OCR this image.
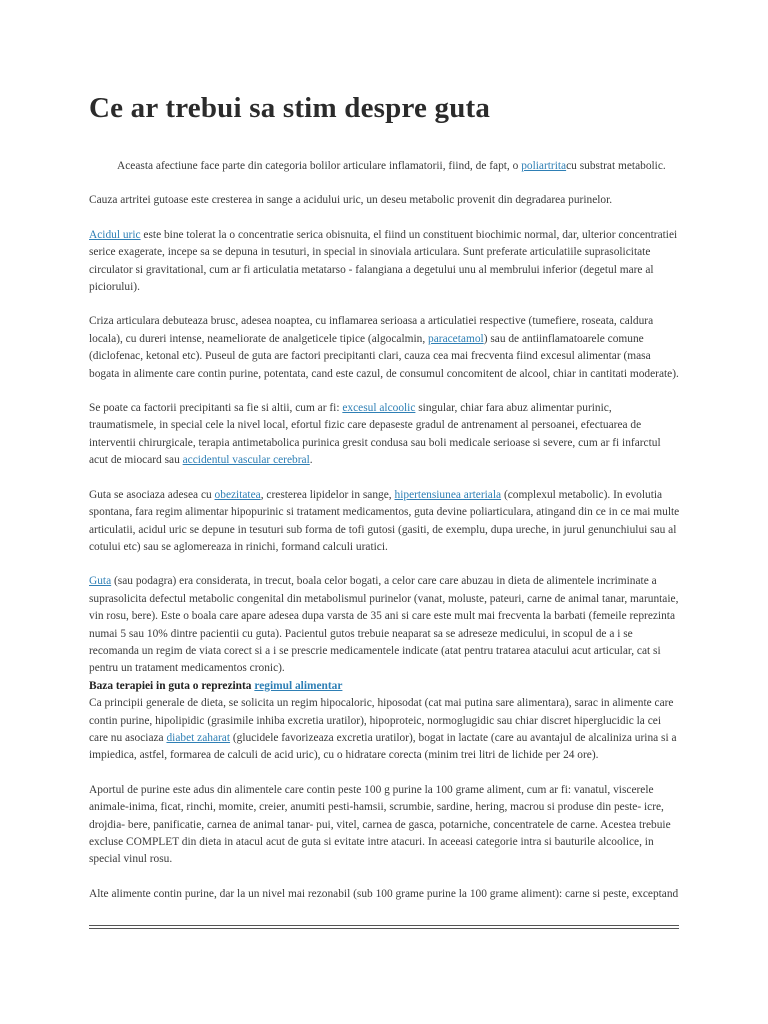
Ce ar trebui sa stim despre guta

Aceasta afectiune face parte din categoria bolilor articulare inflamatorii, fiind, de fapt, o poliartritacu substrat metabolic.

Cauza artritei gutoase este cresterea in sange a acidului uric, un deseu metabolic provenit din degradarea purinelor.

Acidul uric este bine tolerat la o concentratie serica obisnuita, el fiind un constituent biochimic normal, dar, ulterior concentratiei serice exagerate, incepe sa se depuna in tesuturi, in special in sinoviala articulara. Sunt preferate articulatiile suprasolicitate circulator si gravitational, cum ar fi articulatia metatarso - falangiana a degetului unu al membrului inferior (degetul mare al piciorului).

Criza articulara debuteaza brusc, adesea noaptea, cu inflamarea serioasa a articulatiei respective (tumefiere, roseata, caldura locala), cu dureri intense, neameliorate de analgeticele tipice (algocalmin, paracetamol) sau de antiinflamatoarele comune (diclofenac, ketonal etc). Puseul de guta are factori precipitanti clari, cauza cea mai frecventa fiind excesul alimentar (masa bogata in alimente care contin purine, potentata, cand este cazul, de consumul concomitent de alcool, chiar in cantitati moderate).

Se poate ca factorii precipitanti sa fie si altii, cum ar fi: excesul alcoolic singular, chiar fara abuz alimentar purinic, traumatismele, in special cele la nivel local, efortul fizic care depaseste gradul de antrenament al persoanei, efectuarea de interventii chirurgicale, terapia antimetabolica purinica gresit condusa sau boli medicale serioase si severe, cum ar fi infarctul acut de miocard sau accidentul vascular cerebral.

Guta se asociaza adesea cu obezitatea, cresterea lipidelor in sange, hipertensiunea arteriala (complexul metabolic). In evolutia spontana, fara regim alimentar hipopurinic si tratament medicamentos, guta devine poliarticulara, atingand din ce in ce mai multe articulatii, acidul uric se depune in tesuturi sub forma de tofi gutosi (gasiti, de exemplu, dupa ureche, in jurul genunchiului sau al cotului etc) sau se aglomereaza in rinichi, formand calculi uratici.

Guta (sau podagra) era considerata, in trecut, boala celor bogati, a celor care care abuzau in dieta de alimentele incriminate a suprasolicita defectul metabolic congenital din metabolismul purinelor (vanat, moluste, pateuri, carne de animal tanar, maruntaie, vin rosu, bere). Este o boala care apare adesea dupa varsta de 35 ani si care este mult mai frecventa la barbati (femeile reprezinta numai 5 sau 10% dintre pacientii cu guta). Pacientul gutos trebuie neaparat sa se adreseze medicului, in scopul de a i se recomanda un regim de viata corect si a i se prescrie medicamentele indicate (atat pentru tratarea atacului acut articular, cat si pentru un tratament medicamentos cronic).

Baza terapiei in guta o reprezinta regimul alimentar

Ca principii generale de dieta, se solicita un regim hipocaloric, hiposodat (cat mai putina sare alimentara), sarac in alimente care contin purine, hipolipidic (grasimile inhiba excretia uratilor), hipoproteic, normoglugidic sau chiar discret hiperglucidic la cei care nu asociaza diabet zaharat (glucidele favorizeaza excretia uratilor), bogat in lactate (care au avantajul de alcaliniza urina si a impiedica, astfel, formarea de calculi de acid uric), cu o hidratare corecta (minim trei litri de lichide per 24 ore).

Aportul de purine este adus din alimentele care contin peste 100 g purine la 100 grame aliment, cum ar fi: vanatul, viscerele animale-inima, ficat, rinchi, momite, creier, anumiti pesti-hamsii, scrumbie, sardine, hering, macrou si produse din peste- icre, drojdia- bere, panificatie, carnea de animal tanar- pui, vitel, carnea de gasca, potarniche, concentratele de carne. Acestea trebuie excluse COMPLET din dieta in atacul acut de guta si evitate intre atacuri. In aceeasi categorie intra si bauturile alcoolice, in special vinul rosu.

Alte alimente contin purine, dar la un nivel mai rezonabil (sub 100 grame purine la 100 grame aliment): carne si peste, exceptand
